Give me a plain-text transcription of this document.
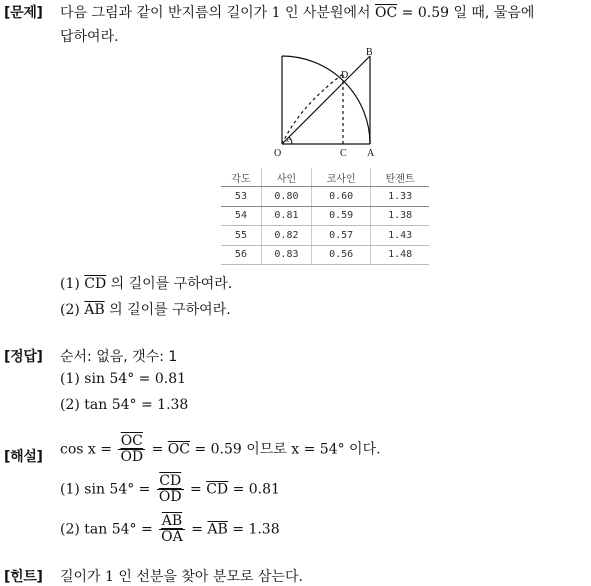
[문제] 다음 그림과 같이 반지름의 길이가 1 인 사분원에서 $\overline{OC} = 0.59$ 일 때, 물음에
답하여라.
B
D
O	C A
x°
각도	사인	코사인	탄젠트
53	0.80	0.60	1.33
54	0.81	0.59	1.38
55	0.82	0.57	1.43
56	0.83	0.56	1.48
(1) $\overline{CD}$ 의 길이를 구하여라.
(2) $\overline{AB}$ 의 길이를 구하여라.
[정답] 순서: 없음, 갯수: 1
(1) sin 54° = 0.81
(2) tan 54° = 1.38
[해설] $\cos x = \frac{\overline{OC}}{OD} = \overline{OC} = 0.59$ 이므로 x = 54° 이다.
(1) $\sin 54^\circ = \frac{\overline{CD}}{OD} = \overline{CD} = 0.81$
(2) $\tan 54^\circ = \frac{\overline{AB}}{OA} = \overline{AB} = 1.38$
[힌트] 길이가 1 인 선분을 찾아 분모로 삼는다.
